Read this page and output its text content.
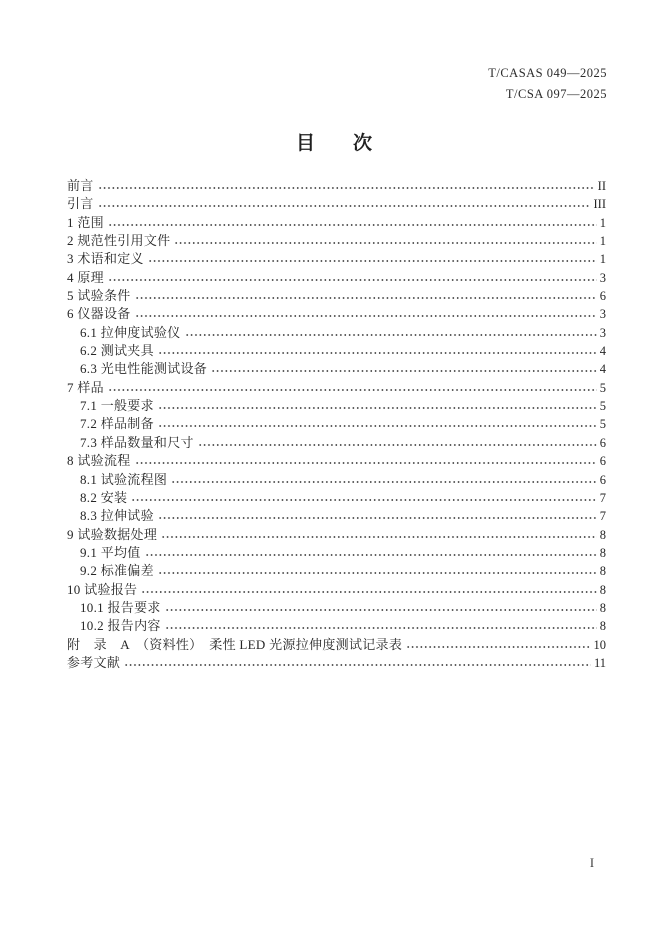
T/CASAS 049—2025
T/CSA 097—2025
目　　次
前言	II
引言	III
1 范围	1
2 规范性引用文件	1
3 术语和定义	1
4 原理	3
5 试验条件	6
6 仪器设备	3
6.1 拉伸度试验仪	3
6.2 测试夹具	4
6.3 光电性能测试设备	4
7 样品	5
7.1 一般要求	5
7.2 样品制备	5
7.3 样品数量和尺寸	6
8 试验流程	6
8.1 试验流程图	6
8.2 安装	7
8.3 拉伸试验	7
9 试验数据处理	8
9.1 平均值	8
9.2 标准偏差	8
10 试验报告	8
10.1 报告要求	8
10.2 报告内容	8
附　录　A　（资料性）　柔性 LED 光源拉伸度测试记录表	10
参考文献	11
I
